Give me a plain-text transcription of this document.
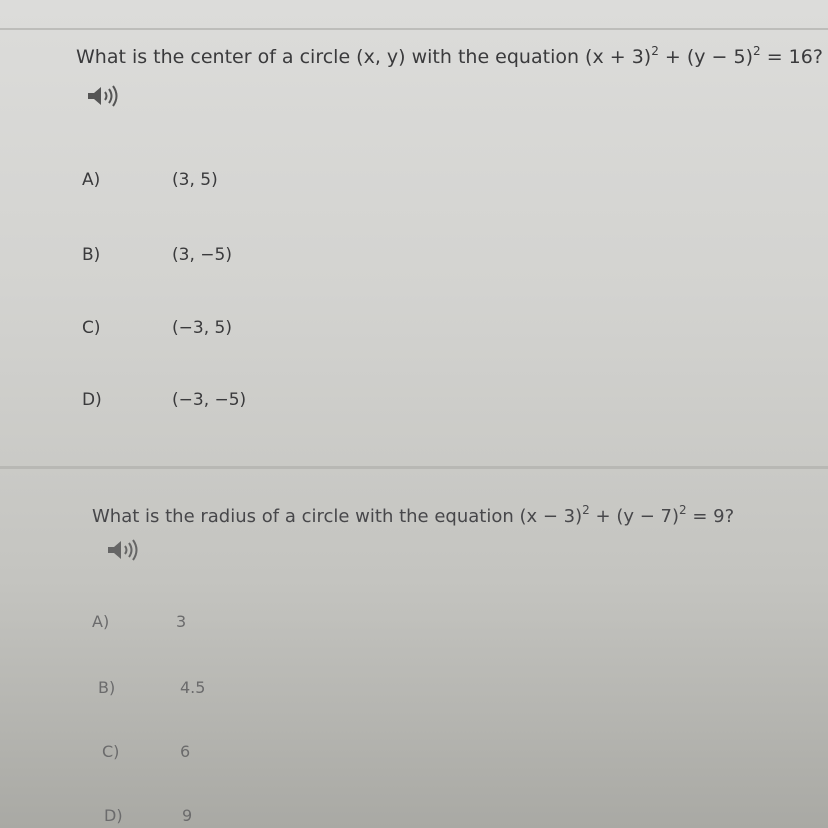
What is the center of a circle (x, y) with the equation $(x + 3)^2 + (y - 5)^2 = 16$?
A)	(3, 5)
B)	(3, −5)
C)	(−3, 5)
D)	(−3, −5)
What is the radius of a circle with the equation $(x - 3)^2 + (y - 7)^2 = 9$?
A)	3
B)	4.5
C)	6
D)	9
